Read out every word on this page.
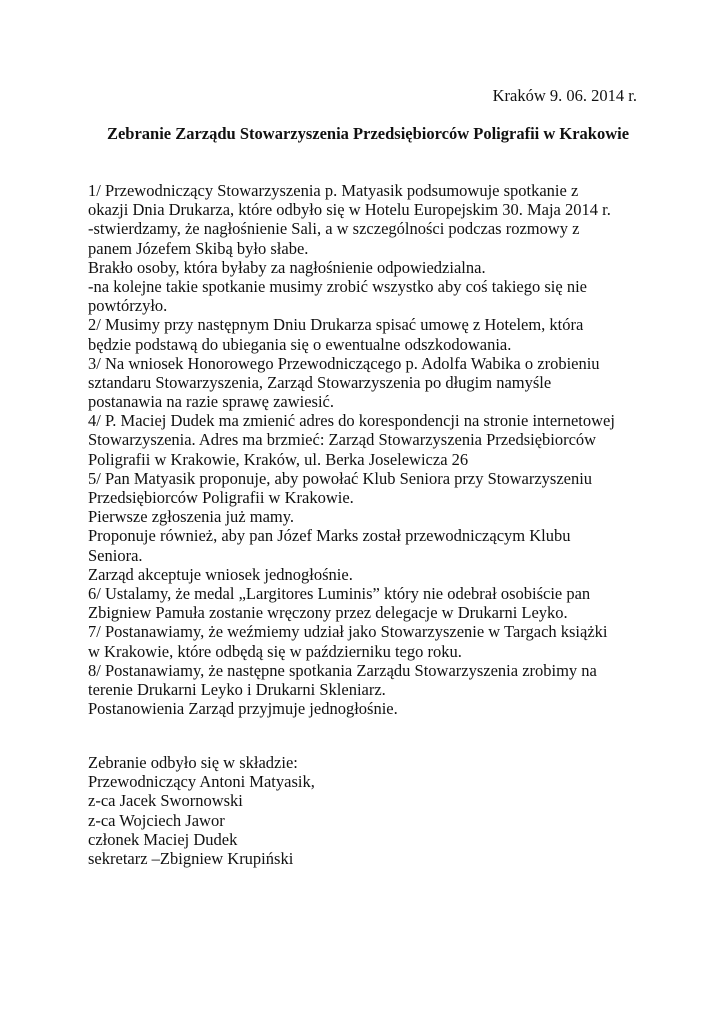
Kraków 9. 06. 2014 r.
Zebranie Zarządu Stowarzyszenia Przedsiębiorców Poligrafii w Krakowie
1/ Przewodniczący Stowarzyszenia p. Matyasik podsumowuje spotkanie z
okazji Dnia Drukarza, które odbyło się w Hotelu Europejskim 30. Maja 2014 r.
-stwierdzamy, że nagłośnienie Sali, a w szczególności podczas rozmowy z
panem Józefem Skibą było słabe.
Brakło osoby, która byłaby za nagłośnienie odpowiedzialna.
-na kolejne takie spotkanie musimy zrobić wszystko aby coś takiego się nie
powtórzyło.
2/ Musimy przy następnym Dniu Drukarza spisać umowę z Hotelem, która
będzie podstawą do ubiegania się o ewentualne odszkodowania.
3/ Na wniosek Honorowego Przewodniczącego p. Adolfa Wabika o zrobieniu
sztandaru Stowarzyszenia, Zarząd Stowarzyszenia po długim namyśle
postanawia na razie sprawę zawiesić.
4/ P. Maciej Dudek ma zmienić adres do korespondencji na stronie internetowej
Stowarzyszenia. Adres ma brzmieć: Zarząd Stowarzyszenia Przedsiębiorców
Poligrafii w Krakowie, Kraków, ul. Berka Joselewicza 26
5/ Pan Matyasik proponuje, aby powołać Klub Seniora przy Stowarzyszeniu
Przedsiębiorców Poligrafii w Krakowie.
Pierwsze zgłoszenia już mamy.
Proponuje również, aby pan Józef Marks został przewodniczącym Klubu
Seniora.
Zarząd akceptuje wniosek jednogłośnie.
6/ Ustalamy, że medal „Largitores Luminis” który nie odebrał osobiście pan
Zbigniew Pamuła zostanie wręczony przez delegacje w Drukarni Leyko.
7/ Postanawiamy, że weźmiemy udział jako Stowarzyszenie w Targach książki
w Krakowie, które odbędą się w październiku tego roku.
8/ Postanawiamy, że następne spotkania Zarządu Stowarzyszenia zrobimy na
terenie Drukarni Leyko i Drukarni Skleniarz.
Postanowienia Zarząd przyjmuje jednogłośnie.
Zebranie odbyło się w składzie:
Przewodniczący Antoni Matyasik,
z-ca Jacek Swornowski
z-ca Wojciech Jawor
członek Maciej Dudek
sekretarz –Zbigniew Krupiński
